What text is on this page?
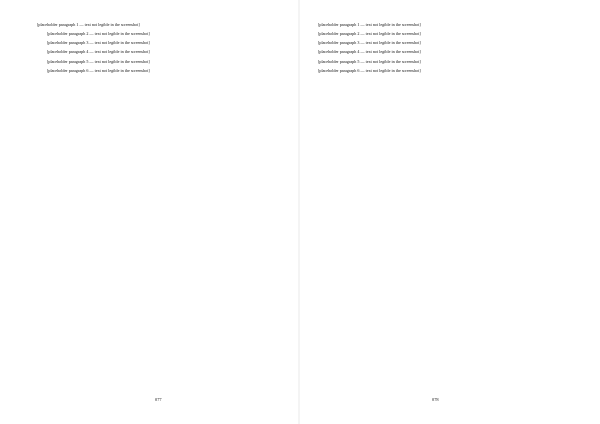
[placeholder paragraph 1 — text not legible in the screenshot]

[placeholder paragraph 2 — text not legible in the screenshot]

[placeholder paragraph 3 — text not legible in the screenshot]

[placeholder paragraph 4 — text not legible in the screenshot]

[placeholder paragraph 5 — text not legible in the screenshot]

[placeholder paragraph 6 — text not legible in the screenshot]

077

[placeholder paragraph 1 — text not legible in the screenshot]

[placeholder paragraph 2 — text not legible in the screenshot]

[placeholder paragraph 3 — text not legible in the screenshot]

[placeholder paragraph 4 — text not legible in the screenshot]

[placeholder paragraph 5 — text not legible in the screenshot]

[placeholder paragraph 6 — text not legible in the screenshot]

078
